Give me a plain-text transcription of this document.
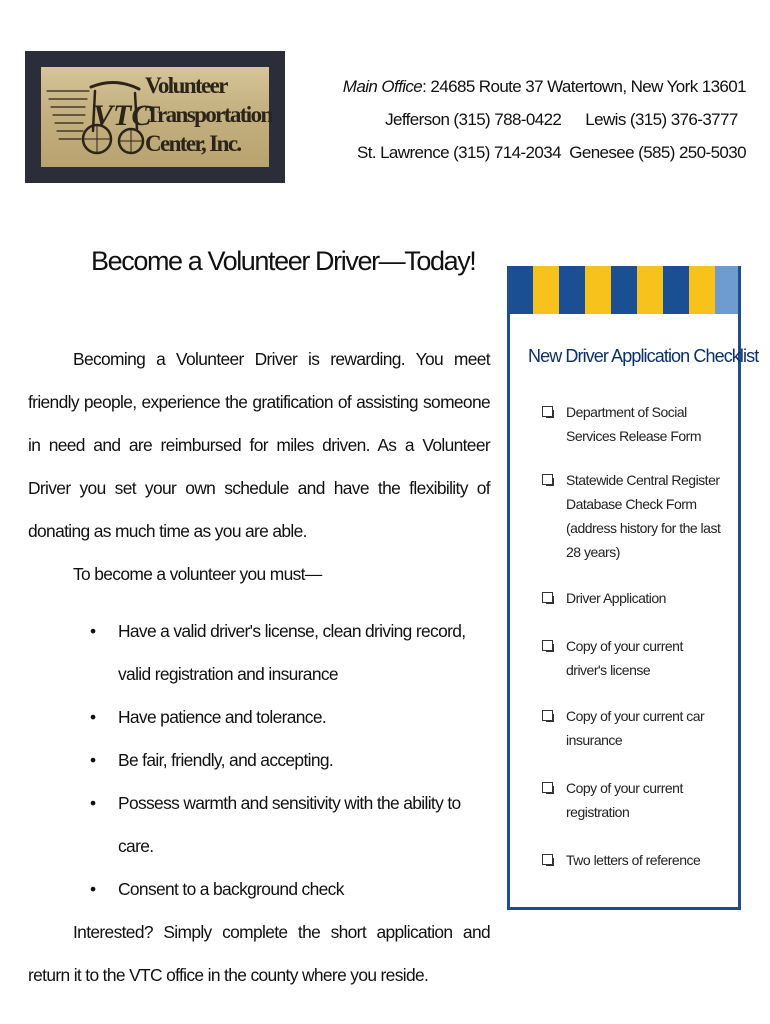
VTC
Volunteer
Transportation
Center, Inc.
Main Office: 24685 Route 37 Watertown, New York 13601
Jefferson (315) 788-0422 Lewis (315) 376-3777
St. Lawrence (315) 714-2034 Genesee (585) 250-5030
Become a Volunteer Driver—Today!

Becoming a Volunteer Driver is rewarding. You meet friendly people, experience the gratification of assisting someone in need and are reimbursed for miles driven. As a Volunteer Driver you set your own schedule and have the flexibility of donating as much time as you are able.

To become a volunteer you must—

• Have a valid driver's license, clean driving record, valid registration and insurance
• Have patience and tolerance.
• Be fair, friendly, and accepting.
• Possess warmth and sensitivity with the ability to care.
• Consent to a background check

Interested? Simply complete the short application and return it to the VTC office in the county where you reside.

New Driver Application Checklist
Department of Social Services Release Form
Statewide Central Register Database Check Form (address history for the last 28 years)
Driver Application
Copy of your current driver's license
Copy of your current car insurance
Copy of your current registration
Two letters of reference
